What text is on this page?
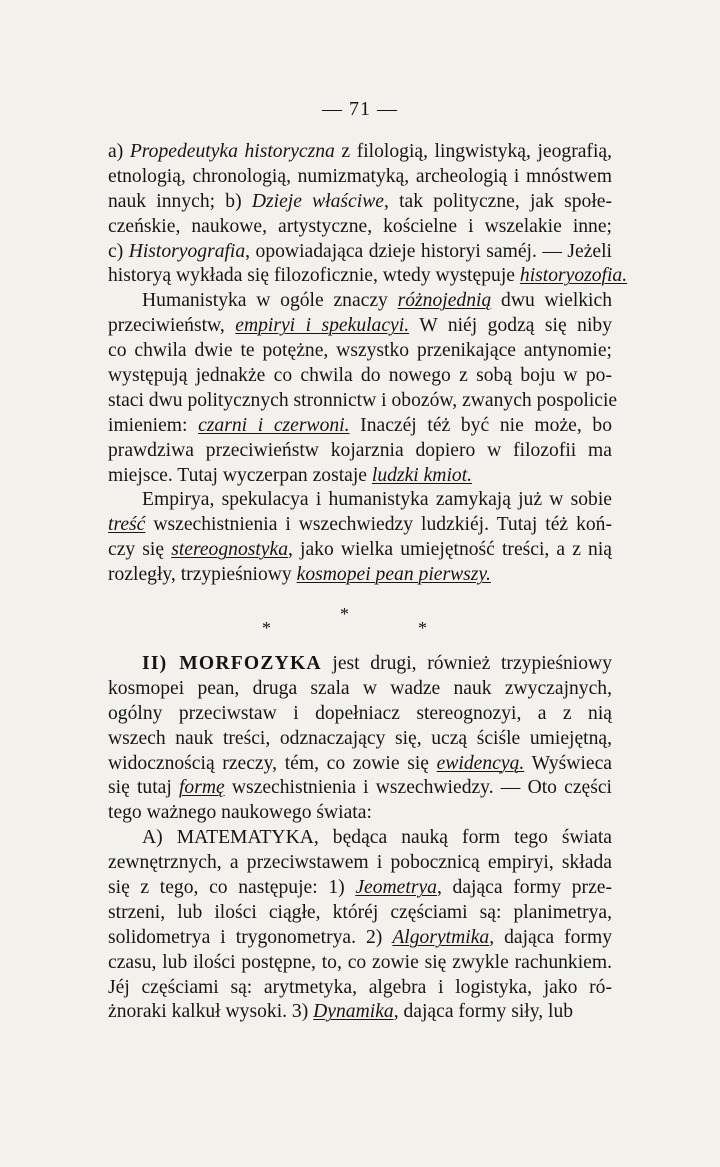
— 71 —
a) Propedeutyka historyczna z filologią, lingwistyką, jeografią,
etnologią, chronologią, numizmatyką, archeologią i mnóstwem
nauk innych; b) Dzieje właściwe, tak polityczne, jak społe-
czeńskie, naukowe, artystyczne, kościelne i wszelakie inne;
c) Historyografia, opowiadająca dzieje historyi saméj. — Jeżeli
historyą wykłada się filozoficznie, wtedy występuje historyozofia.
Humanistyka w ogóle znaczy różnojednią dwu wielkich
przeciwieństw, empiryi i spekulacyi. W niéj godzą się niby
co chwila dwie te potężne, wszystko przenikające antynomie;
występują jednakże co chwila do nowego z sobą boju w po-
staci dwu politycznych stronnictw i obozów, zwanych pospolicie
imieniem: czarni i czerwoni. Inaczéj téż być nie może, bo
prawdziwa przeciwieństw kojarznia dopiero w filozofii ma
miejsce. Tutaj wyczerpan zostaje ludzki kmiot.
Empirya, spekulacya i humanistyka zamykają już w sobie
treść wszechistnienia i wszechwiedzy ludzkiéj. Tutaj téż koń-
czy się stereognostyka, jako wielka umiejętność treści, a z nią
rozległy, trzypieśniowy kosmopei pean pierwszy.
*
*
*
II) MORFOZYKA jest drugi, również trzypieśniowy
kosmopei pean, druga szala w wadze nauk zwyczajnych,
ogólny przeciwstaw i dopełniacz stereognozyi, a z nią
wszech nauk treści, odznaczający się, uczą ściśle umiejętną,
widocznością rzeczy, tém, co zowie się ewidencyą. Wyświeca
się tutaj formę wszechistnienia i wszechwiedzy. — Oto części
tego ważnego naukowego świata:
A) MATEMATYKA, będąca nauką form tego świata
zewnętrznych, a przeciwstawem i pobocznicą empiryi, składa
się z tego, co następuje: 1) Jeometrya, dająca formy prze-
strzeni, lub ilości ciągłe, któréj częściami są: planimetrya,
solidometrya i trygonometrya. 2) Algorytmika, dająca formy
czasu, lub ilości postępne, to, co zowie się zwykle rachunkiem.
Jéj częściami są: arytmetyka, algebra i logistyka, jako ró-
żnoraki kalkuł wysoki. 3) Dynamika, dająca formy siły, lub
